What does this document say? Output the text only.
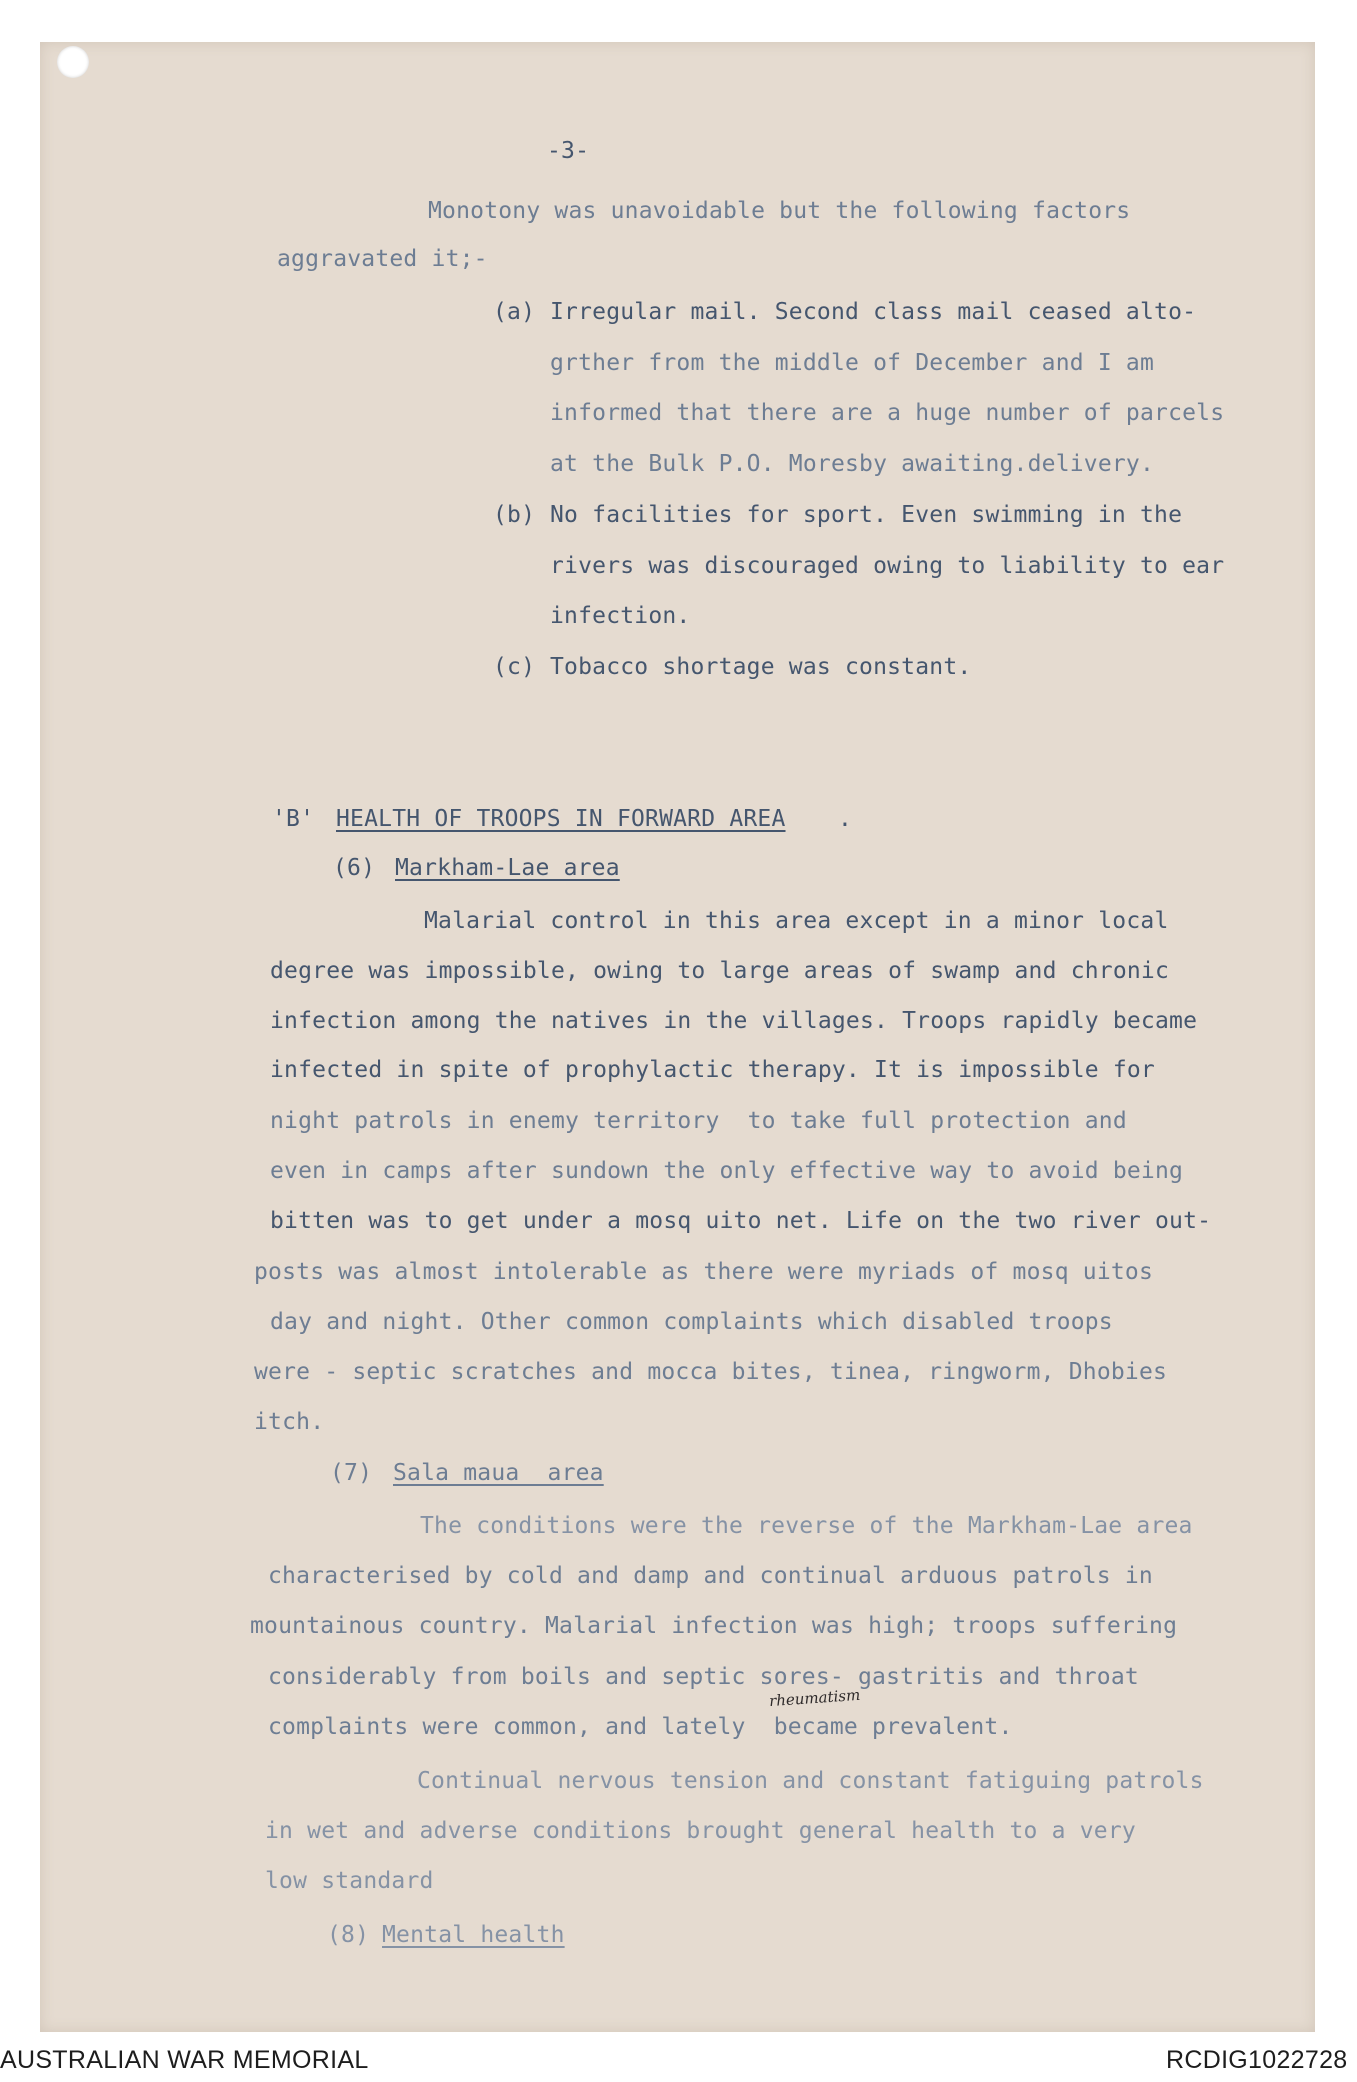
-3-
Monotony was unavoidable but the following factors
aggravated it;-
(a) Irregular mail. Second class mail ceased alto-
grther from the middle of December and I am
informed that there are a huge number of parcels
at the Bulk P.O. Moresby awaiting.delivery.
(b) No facilities for sport. Even swimming in the
rivers was discouraged owing to liability to ear
infection.
(c) Tobacco shortage was constant.
'B' HEALTH OF TROOPS IN FORWARD AREA .
(6) Markham-Lae area
Malarial control in this area except in a minor local
degree was impossible, owing to large areas of swamp and chronic
infection among the natives in the villages. Troops rapidly became
infected in spite of prophylactic therapy. It is impossible for
night patrols in enemy territory  to take full protection and
even in camps after sundown the only effective way to avoid being
bitten was to get under a mosq uito net. Life on the two river out-
posts was almost intolerable as there were myriads of mosq uitos
day and night. Other common complaints which disabled troops
were - septic scratches and mocca bites, tinea, ringworm, Dhobies
itch.
(7) Sala maua  area
The conditions were the reverse of the Markham-Lae area
characterised by cold and damp and continual arduous patrols in
mountainous country. Malarial infection was high; troops suffering
considerably from boils and septic sores- gastritis and throat
complaints were common, and lately  became prevalent.
rheumatism
Continual nervous tension and constant fatiguing patrols
in wet and adverse conditions brought general health to a very
low standard
(8) Mental health
AUSTRALIAN WAR MEMORIAL	RCDIG1022728
